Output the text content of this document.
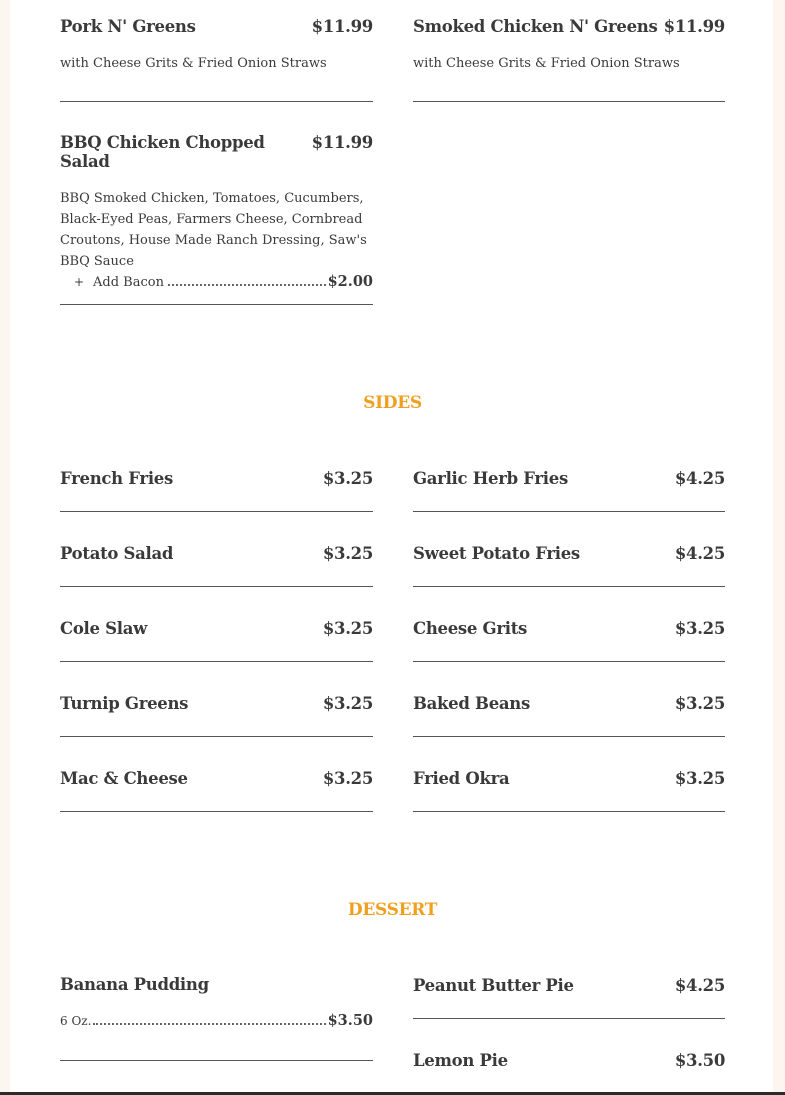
Pork N' Greens	$11.99
with Cheese Grits & Fried Onion Straws
Smoked Chicken N' Greens $11.99
with Cheese Grits & Fried Onion Straws
BBQ Chicken Chopped Salad
$11.99
BBQ Smoked Chicken, Tomatoes, Cucumbers, Black-Eyed Peas, Farmers Cheese, Cornbread Croutons, House Made Ranch Dressing, Saw's BBQ Sauce
+ Add Bacon	$2.00
SIDES
French Fries	$3.25 Garlic Herb Fries	$4.25
Potato Salad	$3.25 Sweet Potato Fries	$4.25
Cole Slaw	$3.25 Cheese Grits	$3.25
Turnip Greens	$3.25 Baked Beans	$3.25
Mac & Cheese	$3.25 Fried Okra	$3.25
DESSERT
Banana Pudding
6 Oz.	$3.50
Peanut Butter Pie	$4.25
Lemon Pie	$3.50
